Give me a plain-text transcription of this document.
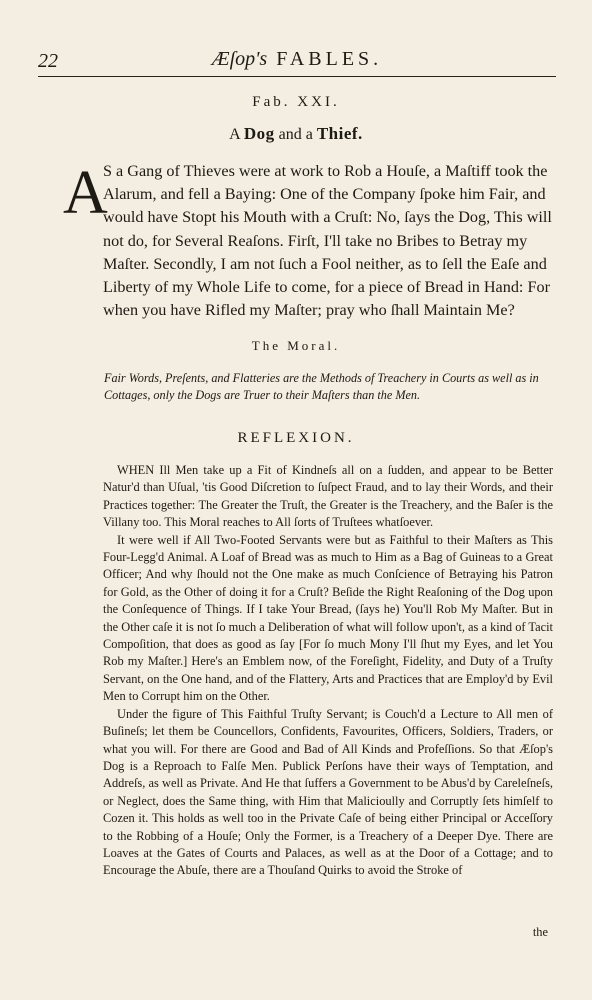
22	Æſop's FABLES.
Fab. XXI.
A Dog and a Thief.
A
S a Gang of Thieves were at work to Rob a Houſe, a Maſtiff took the Alarum, and fell a Baying: One of the Company ſpoke him Fair, and would have Stopt his Mouth with a Cruſt: No, ſays the Dog, This will not do, for Several Reaſons. Firſt, I'll take no Bribes to Betray my Maſter. Secondly, I am not ſuch a Fool neither, as to ſell the Eaſe and Liberty of my Whole Life to come, for a piece of Bread in Hand: For when you have Rifled my Maſter; pray who ſhall Maintain Me?
The Moral.
Fair Words, Preſents, and Flatteries are the Methods of Treachery in Courts as well as in Cottages, only the Dogs are Truer to their Maſters than the Men.
REFLEXION.

WHEN Ill Men take up a Fit of Kindneſs all on a ſudden, and appear to be Better Natur'd than Uſual, 'tis Good Diſcretion to ſuſpect Fraud, and to lay their Words, and their Practices together: The Greater the Truſt, the Greater is the Treachery, and the Baſer is the Villany too. This Moral reaches to All ſorts of Truſtees whatſoever.

It were well if All Two-Footed Servants were but as Faithful to their Maſters as This Four-Legg'd Animal. A Loaf of Bread was as much to Him as a Bag of Guineas to a Great Officer; And why ſhould not the One make as much Conſcience of Betraying his Patron for Gold, as the Other of doing it for a Cruſt? Beſide the Right Reaſoning of the Dog upon the Conſequence of Things. If I take Your Bread, (ſays he) You'll Rob My Maſter. But in the Other caſe it is not ſo much a Deliberation of what will follow upon't, as a kind of Tacit Compoſition, that does as good as ſay [For ſo much Mony I'll ſhut my Eyes, and let You Rob my Maſter.] Here's an Emblem now, of the Foreſight, Fidelity, and Duty of a Truſty Servant, on the One hand, and of the Flattery, Arts and Practices that are Employ'd by Evil Men to Corrupt him on the Other.

Under the figure of This Faithful Truſty Servant; is Couch'd a Lecture to All men of Buſineſs; let them be Councellors, Confidents, Favourites, Officers, Soldiers, Traders, or what you will. For there are Good and Bad of All Kinds and Profeſſions. So that Æſop's Dog is a Reproach to Falſe Men. Publick Perſons have their ways of Temptation, and Addreſs, as well as Private. And He that ſuffers a Government to be Abus'd by Careleſneſs, or Neglect, does the Same thing, with Him that Malicioully and Corruptly ſets himſelf to Cozen it. This holds as well too in the Private Caſe of being either Principal or Acceſſory to the Robbing of a Houſe; Only the Former, is a Treachery of a Deeper Dye. There are Loaves at the Gates of Courts and Palaces, as well as at the Door of a Cottage; and to Encourage the Abuſe, there are a Thouſand Quirks to avoid the Stroke of

the
